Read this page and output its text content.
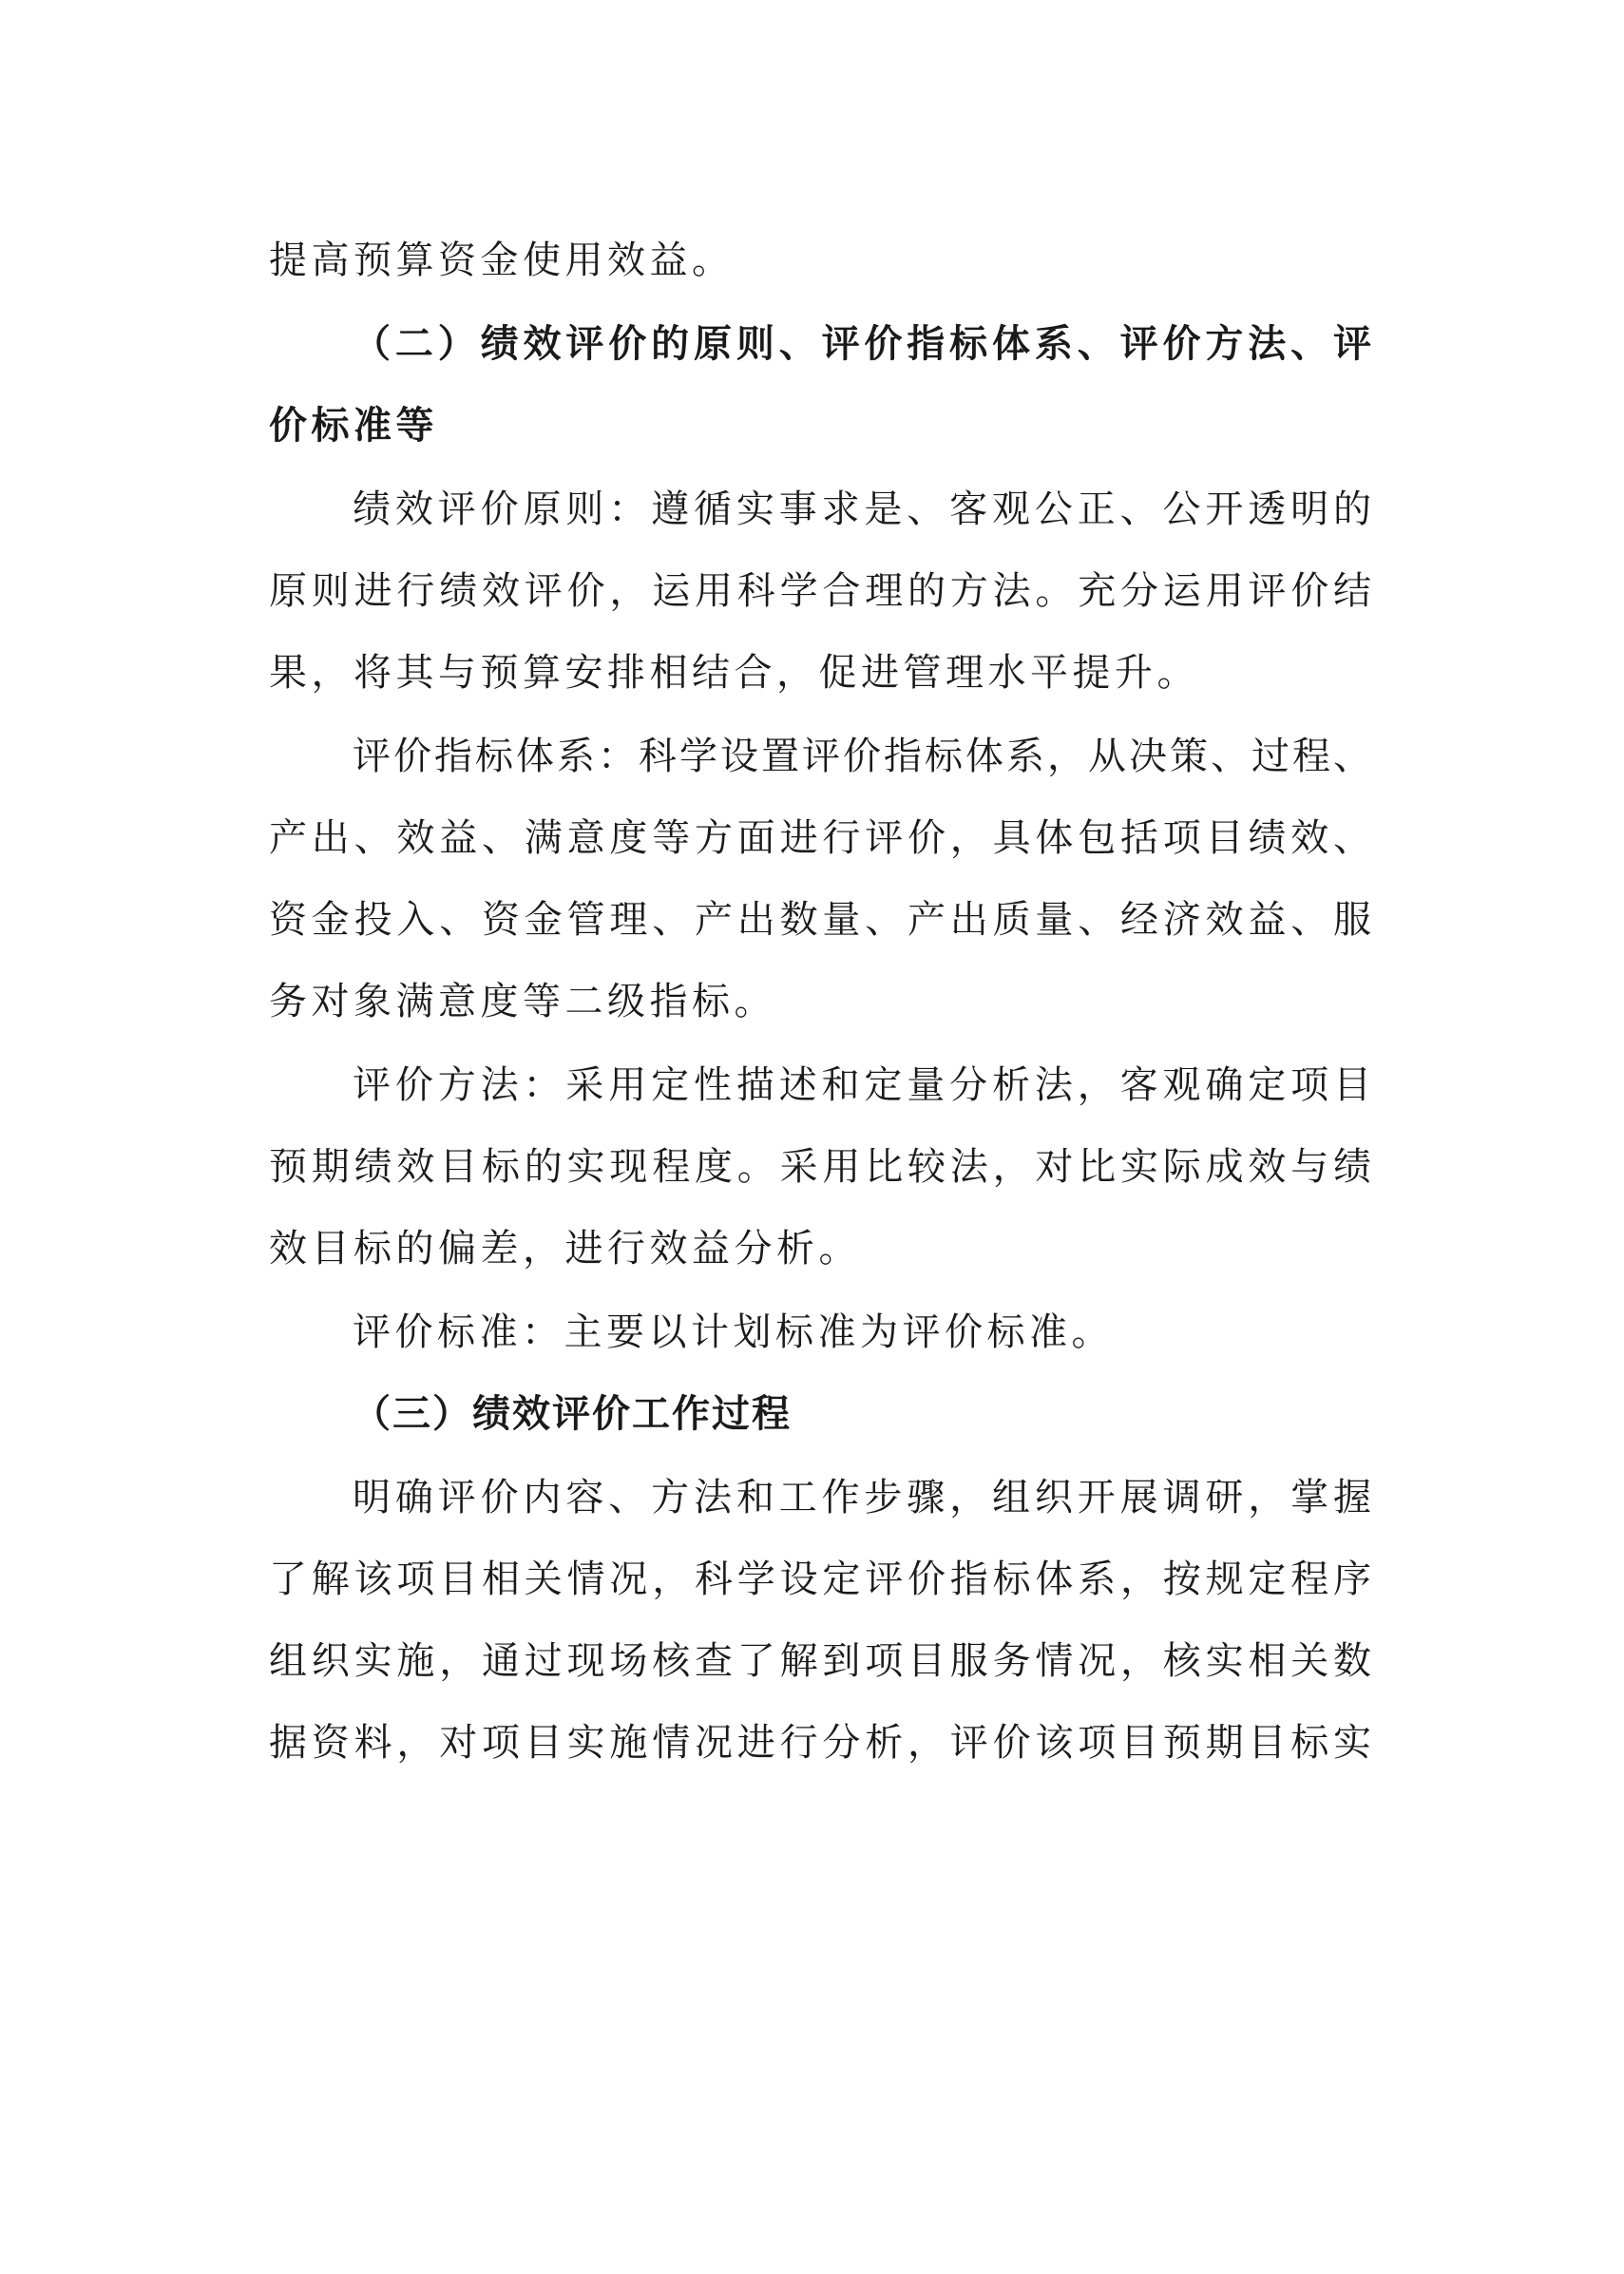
提高预算资金使用效益。
（二）绩效评价的原则、评价指标体系、评价方法、评
价标准等
绩效评价原则：遵循实事求是、客观公正、公开透明的
原则进行绩效评价，运用科学合理的方法。充分运用评价结
果，将其与预算安排相结合，促进管理水平提升。
评价指标体系：科学设置评价指标体系，从决策、过程、
产出、效益、满意度等方面进行评价，具体包括项目绩效、
资金投入、资金管理、产出数量、产出质量、经济效益、服
务对象满意度等二级指标。
评价方法：采用定性描述和定量分析法，客观确定项目
预期绩效目标的实现程度。采用比较法，对比实际成效与绩
效目标的偏差，进行效益分析。
评价标准：主要以计划标准为评价标准。
（三）绩效评价工作过程
明确评价内容、方法和工作步骤，组织开展调研，掌握
了解该项目相关情况，科学设定评价指标体系，按规定程序
组织实施，通过现场核查了解到项目服务情况，核实相关数
据资料，对项目实施情况进行分析，评价该项目预期目标实
